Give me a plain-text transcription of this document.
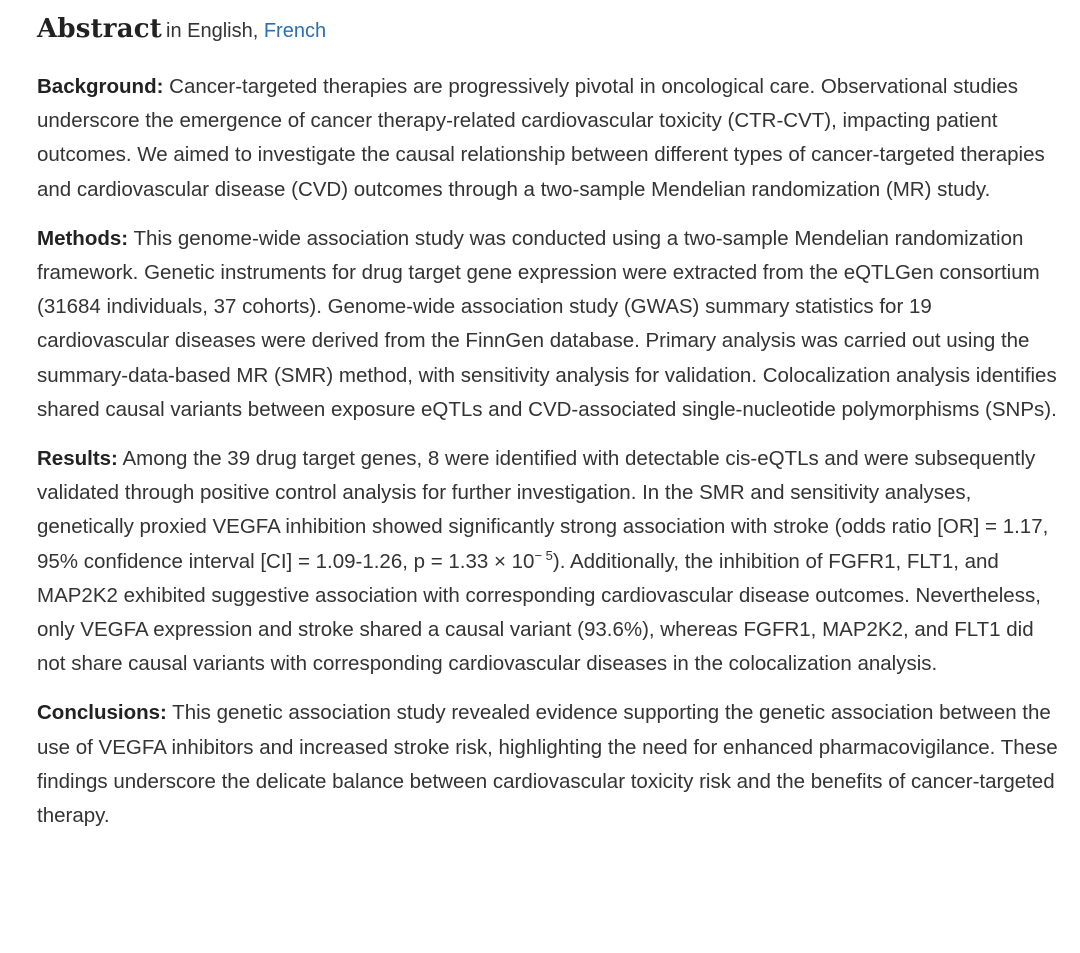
Abstract in English, French

Background: Cancer-targeted therapies are progressively pivotal in oncological care. Observational studies underscore the emergence of cancer therapy-related cardiovascular toxicity (CTR-CVT), impacting patient outcomes. We aimed to investigate the causal relationship between different types of cancer-targeted therapies and cardiovascular disease (CVD) outcomes through a two-sample Mendelian randomization (MR) study.

Methods: This genome-wide association study was conducted using a two-sample Mendelian randomization framework. Genetic instruments for drug target gene expression were extracted from the eQTLGen consortium (31684 individuals, 37 cohorts). Genome-wide association study (GWAS) summary statistics for 19 cardiovascular diseases were derived from the FinnGen database. Primary analysis was carried out using the summary-data-based MR (SMR) method, with sensitivity analysis for validation. Colocalization analysis identifies shared causal variants between exposure eQTLs and CVD-associated single-nucleotide polymorphisms (SNPs).

Results: Among the 39 drug target genes, 8 were identified with detectable cis-eQTLs and were subsequently validated through positive control analysis for further investigation. In the SMR and sensitivity analyses, genetically proxied VEGFA inhibition showed significantly strong association with stroke (odds ratio [OR] = 1.17, 95% confidence interval [CI] = 1.09-1.26, $p = 1.33 \times 10^{- 5}$). Additionally, the inhibition of FGFR1, FLT1, and MAP2K2 exhibited suggestive association with corresponding cardiovascular disease outcomes. Nevertheless, only VEGFA expression and stroke shared a causal variant (93.6%), whereas FGFR1, MAP2K2, and FLT1 did not share causal variants with corresponding cardiovascular diseases in the colocalization analysis.

Conclusions: This genetic association study revealed evidence supporting the genetic association between the use of VEGFA inhibitors and increased stroke risk, highlighting the need for enhanced pharmacovigilance. These findings underscore the delicate balance between cardiovascular toxicity risk and the benefits of cancer-targeted therapy.
